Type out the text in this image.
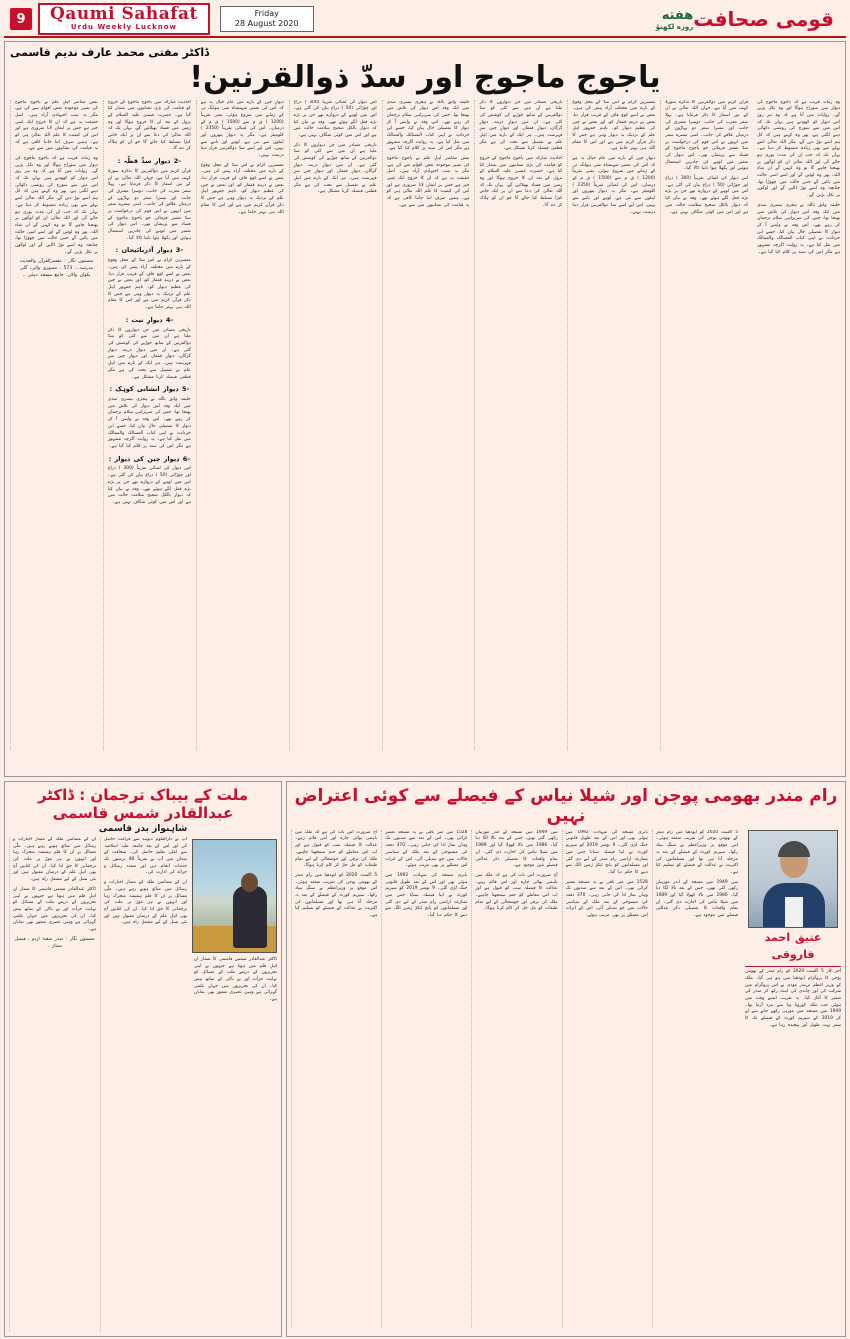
9	Qaumi Sahafat
Urdu Weekly Lucknow
Friday
28 August 2020
هفته
روزه لکھنؤ قومی صحافت
ڈاکٹر مفتی محمد عارف ندیم قاسمی
یاجوج ماجوج اور سدّ ذوالقرنین!

بعض معاصر اہلِ علم نے یاجوج ماجوج کی تعبیر موجودہ بعض اقوام سے کی ہے، مگر یہ سب اجتہادی آراء ہیں۔ اصل حقیقت یہ ہے کہ ان کا خروج ایک غیبی خبر ہے جس پر ایمان لانا ضروری ہے اور اس کی کیفیت کا علم اللہ تعالیٰ ہی کو ہے۔ ہمیں صرف اتنا جاننا کافی ہے کہ یہ قیامت کی نشانیوں میں سے ہے۔

وہ زمانہ قریب ہے کہ یاجوج ماجوج کی دیوار میں سوراخ ہوگا اور وہ نکل پڑیں گے۔ روایات میں آتا ہے کہ وہ ہر روز اس دیوار کو کھودتے ہیں یہاں تک کہ اس میں سے سورج کی روشنی دکھائی دینے لگتی ہے، پھر وہ کہتے ہیں کہ کل ہم اسے توڑ دیں گے، مگر اللہ تعالیٰ اسے پہلے سے بھی زیادہ مضبوط کر دیتا ہے۔ یہاں تک کہ جب ان کی مدت پوری ہو جائے گی اور اللہ تعالیٰ ان کو لوگوں پر بھیجنا چاہے گا تو وہ کہیں گے ان شاء اللہ، پھر وہ لوٹیں گے اور اسے اسی حالت میں پائیں گے جس حالت میں چھوڑا تھا، چنانچہ وہ اسے توڑ ڈالیں گے اور لوگوں پر نکل پڑیں گے۔

مضمون نگار : مفسرالقرآن والحدیث مدرسہ… 573 ـ مصوری والی، گلی پکوان والان، جامع مسجد دہلی ۔

احادیث مبارکہ میں یاجوج ماجوج کے خروج کو قیامت کی بڑی نشانیوں میں شمار کیا گیا ہے۔ حضرت عیسیٰ علیہ السلام کے نزول کے بعد ان کا خروج ہوگا اور وہ زمین میں فساد پھیلائیں گے، یہاں تک کہ اللہ تعالیٰ کی دعا سے ان پر ایک خاص کیڑا مسلط کیا جائے گا جو ان کو ہلاک کر دے گا۔

-2 دیوار سدِّ قطّہ :

قرآن کریم میں ذوالقرنین کا تذکرہ سورۂ کہف میں آیا ہے، جہاں اللہ تعالیٰ نے ان کے تین اسفار کا ذکر فرمایا ہے۔ پہلا سفر مغرب کی جانب، دوسرا مشرق کی جانب اور تیسرا سفر دو پہاڑوں کے درمیان علاقے کی جانب۔ اسی تیسرے سفر میں انہوں نے اس قوم کی درخواست پر سدّ تعمیر فرمائی جو یاجوج ماجوج کے فساد سے پریشان تھی۔ اس دیوار کی تعمیر میں لوہے کی چادریں استعمال ہوئیں اور پگھلا ہوا تانبا ڈالا گیا۔

-3 دیوار آذربائیجان :

مفسرین کرام نے اس سدّ کے محل وقوع کے بارے میں مختلف آراء پیش کی ہیں۔ بعض نے اسے کوہِ قاف کے قریب قرار دیا، بعض نے دربندِ قفقاز کو، اور بعض نے چین کی عظیم دیوار کو۔ تاہم جمہور اہلِ علم کے نزدیک یہ دیوار وہی ہے جس کا ذکر قرآن کریم میں ہے اور اس کا مقام اللہ ہی بہتر جانتا ہے۔

-4 دیوارِ نیت :

تاریخی مصادر میں جن دیواروں کا ذکر ملتا ہے ان میں سے کئی کو سدّ ذوالقرنین کے ساتھ جوڑنے کی کوشش کی گئی ہے۔ ان میں دیوارِ دربند، دیوارِ گرگان، دیوارِ قفقاز، اور دیوارِ چین سرِ فہرست ہیں۔ ہر ایک کے بارے میں اہلِ علم نے تفصیل سے بحث کی ہے مگر قطعی فیصلہ کرنا مشکل ہے۔

-5 دیوار انشانی کوہک :

خلیفہ واثق باللہ نے ہجری تیسری صدی میں ایک وفد اس دیوار کی تلاش میں بھیجا تھا، جس کی سربراہی سلام ترجمان کر رہے تھے۔ اس وفد نے واپس آ کر دیوار کا تفصیلی حال بیان کیا، جسے ابن خردادبہ نے اپنی کتاب المسالک والممالک میں نقل کیا ہے۔ یہ روایت اگرچہ مشہور ہے مگر اس کی سند پر کلام کیا گیا ہے۔

-6 دیوار چین کی دیوار :

اس دیوار کی لمبائی تقریباً (300 ) ذراع اور چوڑائی (50 ) ذراع بیان کی گئی ہے۔ اس میں لوہے کے دروازے تھے جن پر بڑے بڑے قفل لگے ہوئے تھے۔ وفد نے بیان کیا کہ دیوار بالکل صحیح سلامت حالت میں ہے اور اس میں کوئی شگاف نہیں ہے۔

دیوارِ چین کے بارے میں عام خیال یہ ہے کہ اس کی تعمیر شہنشاہ شی ہوانگ تی کے زمانے میں شروع ہوئی، یعنی تقریباً (1200 ) ق م سے (1500 ) ق م کے درمیان۔ اس کی لمبائی تقریباً (2350 ) کلومیٹر ہے۔ مگر یہ دیوار پتھروں اور اینٹوں سے بنی ہے، لوہے اور تانبے سے نہیں، اس لیے اسے سدّ ذوالقرنین قرار دینا درست نہیں۔

مفسرین کرام نے اس سدّ کے محل وقوع کے بارے میں مختلف آراء پیش کی ہیں۔ بعض نے اسے کوہِ قاف کے قریب قرار دیا، بعض نے دربندِ قفقاز کو، اور بعض نے چین کی عظیم دیوار کو۔ تاہم جمہور اہلِ علم کے نزدیک یہ دیوار وہی ہے جس کا ذکر قرآن کریم میں ہے اور اس کا مقام اللہ ہی بہتر جانتا ہے۔

اس دیوار کی لمبائی تقریباً (300 ) ذراع اور چوڑائی (50 ) ذراع بیان کی گئی ہے۔ اس میں لوہے کے دروازے تھے جن پر بڑے بڑے قفل لگے ہوئے تھے۔ وفد نے بیان کیا کہ دیوار بالکل صحیح سلامت حالت میں ہے اور اس میں کوئی شگاف نہیں ہے۔

تاریخی مصادر میں جن دیواروں کا ذکر ملتا ہے ان میں سے کئی کو سدّ ذوالقرنین کے ساتھ جوڑنے کی کوشش کی گئی ہے۔ ان میں دیوارِ دربند، دیوارِ گرگان، دیوارِ قفقاز، اور دیوارِ چین سرِ فہرست ہیں۔ ہر ایک کے بارے میں اہلِ علم نے تفصیل سے بحث کی ہے مگر قطعی فیصلہ کرنا مشکل ہے۔

خلیفہ واثق باللہ نے ہجری تیسری صدی میں ایک وفد اس دیوار کی تلاش میں بھیجا تھا، جس کی سربراہی سلام ترجمان کر رہے تھے۔ اس وفد نے واپس آ کر دیوار کا تفصیلی حال بیان کیا، جسے ابن خردادبہ نے اپنی کتاب المسالک والممالک میں نقل کیا ہے۔ یہ روایت اگرچہ مشہور ہے مگر اس کی سند پر کلام کیا گیا ہے۔

بعض معاصر اہلِ علم نے یاجوج ماجوج کی تعبیر موجودہ بعض اقوام سے کی ہے، مگر یہ سب اجتہادی آراء ہیں۔ اصل حقیقت یہ ہے کہ ان کا خروج ایک غیبی خبر ہے جس پر ایمان لانا ضروری ہے اور اس کی کیفیت کا علم اللہ تعالیٰ ہی کو ہے۔ ہمیں صرف اتنا جاننا کافی ہے کہ یہ قیامت کی نشانیوں میں سے ہے۔

تاریخی مصادر میں جن دیواروں کا ذکر ملتا ہے ان میں سے کئی کو سدّ ذوالقرنین کے ساتھ جوڑنے کی کوشش کی گئی ہے۔ ان میں دیوارِ دربند، دیوارِ گرگان، دیوارِ قفقاز، اور دیوارِ چین سرِ فہرست ہیں۔ ہر ایک کے بارے میں اہلِ علم نے تفصیل سے بحث کی ہے مگر قطعی فیصلہ کرنا مشکل ہے۔

احادیث مبارکہ میں یاجوج ماجوج کے خروج کو قیامت کی بڑی نشانیوں میں شمار کیا گیا ہے۔ حضرت عیسیٰ علیہ السلام کے نزول کے بعد ان کا خروج ہوگا اور وہ زمین میں فساد پھیلائیں گے، یہاں تک کہ اللہ تعالیٰ کی دعا سے ان پر ایک خاص کیڑا مسلط کیا جائے گا جو ان کو ہلاک کر دے گا۔

مفسرین کرام نے اس سدّ کے محل وقوع کے بارے میں مختلف آراء پیش کی ہیں۔ بعض نے اسے کوہِ قاف کے قریب قرار دیا، بعض نے دربندِ قفقاز کو، اور بعض نے چین کی عظیم دیوار کو۔ تاہم جمہور اہلِ علم کے نزدیک یہ دیوار وہی ہے جس کا ذکر قرآن کریم میں ہے اور اس کا مقام اللہ ہی بہتر جانتا ہے۔

دیوارِ چین کے بارے میں عام خیال یہ ہے کہ اس کی تعمیر شہنشاہ شی ہوانگ تی کے زمانے میں شروع ہوئی، یعنی تقریباً (1200 ) ق م سے (1500 ) ق م کے درمیان۔ اس کی لمبائی تقریباً (2350 ) کلومیٹر ہے۔ مگر یہ دیوار پتھروں اور اینٹوں سے بنی ہے، لوہے اور تانبے سے نہیں، اس لیے اسے سدّ ذوالقرنین قرار دینا درست نہیں۔

قرآن کریم میں ذوالقرنین کا تذکرہ سورۂ کہف میں آیا ہے، جہاں اللہ تعالیٰ نے ان کے تین اسفار کا ذکر فرمایا ہے۔ پہلا سفر مغرب کی جانب، دوسرا مشرق کی جانب اور تیسرا سفر دو پہاڑوں کے درمیان علاقے کی جانب۔ اسی تیسرے سفر میں انہوں نے اس قوم کی درخواست پر سدّ تعمیر فرمائی جو یاجوج ماجوج کے فساد سے پریشان تھی۔ اس دیوار کی تعمیر میں لوہے کی چادریں استعمال ہوئیں اور پگھلا ہوا تانبا ڈالا گیا۔

اس دیوار کی لمبائی تقریباً (300 ) ذراع اور چوڑائی (50 ) ذراع بیان کی گئی ہے۔ اس میں لوہے کے دروازے تھے جن پر بڑے بڑے قفل لگے ہوئے تھے۔ وفد نے بیان کیا کہ دیوار بالکل صحیح سلامت حالت میں ہے اور اس میں کوئی شگاف نہیں ہے۔

وہ زمانہ قریب ہے کہ یاجوج ماجوج کی دیوار میں سوراخ ہوگا اور وہ نکل پڑیں گے۔ روایات میں آتا ہے کہ وہ ہر روز اس دیوار کو کھودتے ہیں یہاں تک کہ اس میں سے سورج کی روشنی دکھائی دینے لگتی ہے، پھر وہ کہتے ہیں کہ کل ہم اسے توڑ دیں گے، مگر اللہ تعالیٰ اسے پہلے سے بھی زیادہ مضبوط کر دیتا ہے۔ یہاں تک کہ جب ان کی مدت پوری ہو جائے گی اور اللہ تعالیٰ ان کو لوگوں پر بھیجنا چاہے گا تو وہ کہیں گے ان شاء اللہ، پھر وہ لوٹیں گے اور اسے اسی حالت میں پائیں گے جس حالت میں چھوڑا تھا، چنانچہ وہ اسے توڑ ڈالیں گے اور لوگوں پر نکل پڑیں گے۔

خلیفہ واثق باللہ نے ہجری تیسری صدی میں ایک وفد اس دیوار کی تلاش میں بھیجا تھا، جس کی سربراہی سلام ترجمان کر رہے تھے۔ اس وفد نے واپس آ کر دیوار کا تفصیلی حال بیان کیا، جسے ابن خردادبہ نے اپنی کتاب المسالک والممالک میں نقل کیا ہے۔ یہ روایت اگرچہ مشہور ہے مگر اس کی سند پر کلام کیا گیا ہے۔

ملت کے بیباک ترجمان : ڈاکٹر عبدالقادر شمس قاسمی
شاہنواز بدر قاسمی

ان کے مضامین ملک کے ممتاز اخبارات و رسائل میں شائع ہوتے رہے ہیں۔ ملّی مسائل پر ان کا قلم ہمیشہ متحرک رہا اور انہوں نے ہر موڑ پر ملت کی ترجمانی کا حق ادا کیا۔ ان کی کتابیں آج بھی اہلِ علم کے درمیان مقبول ہیں اور نئی نسل کے لیے مشعلِ راہ ہیں۔

ڈاکٹر عبدالقادر شمس قاسمی کا شمار ان اہلِ قلم میں ہوتا ہے جنہوں نے اپنی تحریروں کے ذریعے ملت کے مسائل کو نہایت جرأت اور بے باکی کے ساتھ پیش کیا۔ ان کی تحریروں میں جہاں علمی گہرائی ہے وہیں عصری شعور بھی نمایاں ہے۔

مضمون نگار : صدر شعبۂ اردو ، فیصل ممتاز ۔

آپ نے دارالعلوم دیوبند سے فراغت حاصل کی اور اس کے بعد جامعہ ملیہ اسلامیہ سے اعلیٰ تعلیم حاصل کی۔ صحافت کے میدان میں آپ نے تقریباً 48 برسوں تک خدمات انجام دیں اور متعدد رسائل و جرائد کی ادارت کی۔

ان کے مضامین ملک کے ممتاز اخبارات و رسائل میں شائع ہوتے رہے ہیں۔ ملّی مسائل پر ان کا قلم ہمیشہ متحرک رہا اور انہوں نے ہر موڑ پر ملت کی ترجمانی کا حق ادا کیا۔ ان کی کتابیں آج بھی اہلِ علم کے درمیان مقبول ہیں اور نئی نسل کے لیے مشعلِ راہ ہیں۔

ڈاکٹر عبدالقادر شمس قاسمی کا شمار ان اہلِ قلم میں ہوتا ہے جنہوں نے اپنی تحریروں کے ذریعے ملت کے مسائل کو نہایت جرأت اور بے باکی کے ساتھ پیش کیا۔ ان کی تحریروں میں جہاں علمی گہرائی ہے وہیں عصری شعور بھی نمایاں ہے۔

رام مندر بھومی پوجن اور شیلا نیاس کے فیصلے سے کوئی اعتراض نہیں

آج ضرورت اس بات کی ہے کہ ملک میں باہمی بھائی چارہ اور امن قائم رہے۔ عدالت کا فیصلہ سب کو قبول ہے اور اب اس معاملے کو ختم سمجھنا چاہیے۔ ملک کی ترقی اور خوشحالی کے لیے تمام طبقات کو مل جل کر کام کرنا ہوگا۔

5 اگست 2020 کو ایودھیا میں رام مندر کے بھومی پوجن کی تقریب منعقد ہوئی۔ اس موقع پر وزیراعظم نے سنگِ بنیاد رکھا۔ سپریم کورٹ کے فیصلے کے بعد یہ مرحلہ آنا ہی تھا اور مسلمانوں کی اکثریت نے عدالت کے فیصلے کو تسلیم کیا ہے۔

1528 میں میر باقی نے یہ مسجد تعمیر کرائی تھی۔ اس کے بعد سے صدیوں تک وہاں نماز ادا کی جاتی رہی۔ 370 دفعہ کی منسوخی کے بعد ملک کے سیاسی حالات میں جو تبدیلی آئی، اس کے اثرات اس مسئلے پر بھی مرتب ہوئے۔

بابری مسجد کی شہادت 1992 میں ہوئی تھی اور اس کے بعد طویل قانونی جنگ لڑی گئی۔ 9 نومبر 2019 کو سپریم کورٹ نے اپنا فیصلہ سنایا جس میں متنازعہ اراضی رام مندر کے لیے دی گئی اور مسلمانوں کو پانچ ایکڑ زمین الگ سے دینے کا حکم دیا گیا۔

سن 1949 میں مسجد کے اندر مورتیاں رکھی گئی تھیں، جس کے بعد تالا لگا دیا گیا۔ 1986 میں تالا کھولا گیا اور 1989 میں شیلا نیاس کی اجازت دی گئی۔ ان تمام واقعات کا تفصیلی ذکر عدالتی فیصلے میں موجود ہے۔

آج ضرورت اس بات کی ہے کہ ملک میں باہمی بھائی چارہ اور امن قائم رہے۔ عدالت کا فیصلہ سب کو قبول ہے اور اب اس معاملے کو ختم سمجھنا چاہیے۔ ملک کی ترقی اور خوشحالی کے لیے تمام طبقات کو مل جل کر کام کرنا ہوگا۔

بابری مسجد کی شہادت 1992 میں ہوئی تھی اور اس کے بعد طویل قانونی جنگ لڑی گئی۔ 9 نومبر 2019 کو سپریم کورٹ نے اپنا فیصلہ سنایا جس میں متنازعہ اراضی رام مندر کے لیے دی گئی اور مسلمانوں کو پانچ ایکڑ زمین الگ سے دینے کا حکم دیا گیا۔

1528 میں میر باقی نے یہ مسجد تعمیر کرائی تھی۔ اس کے بعد سے صدیوں تک وہاں نماز ادا کی جاتی رہی۔ 370 دفعہ کی منسوخی کے بعد ملک کے سیاسی حالات میں جو تبدیلی آئی، اس کے اثرات اس مسئلے پر بھی مرتب ہوئے۔

5 اگست 2020 کو ایودھیا میں رام مندر کے بھومی پوجن کی تقریب منعقد ہوئی۔ اس موقع پر وزیراعظم نے سنگِ بنیاد رکھا۔ سپریم کورٹ کے فیصلے کے بعد یہ مرحلہ آنا ہی تھا اور مسلمانوں کی اکثریت نے عدالت کے فیصلے کو تسلیم کیا ہے۔

سن 1949 میں مسجد کے اندر مورتیاں رکھی گئی تھیں، جس کے بعد تالا لگا دیا گیا۔ 1986 میں تالا کھولا گیا اور 1989 میں شیلا نیاس کی اجازت دی گئی۔ ان تمام واقعات کا تفصیلی ذکر عدالتی فیصلے میں موجود ہے۔

عتیق احمد فاروقی

آخر کار 5 اگست 2020 کو رام مندر کے بھومی پوجن کا پروگرام ایودھیا میں ہو ہی گیا۔ ملک کے وزیر اعظم نریندر مودی نے اس پروگرام میں شرکت کی اور چاندی کی اینٹ رکھ کر مندر کی تعمیر کا آغاز کیا۔ یہ تقریب ایسے وقت میں ہوئی جب ملک کورونا وبا سے نبرد آزما تھا۔ 1949 میں مسجد میں مورتی رکھے جانے سے لے کر 2019 کے سپریم کورٹ کے فیصلے تک کا سفر بہت طویل اور پیچیدہ رہا ہے۔
